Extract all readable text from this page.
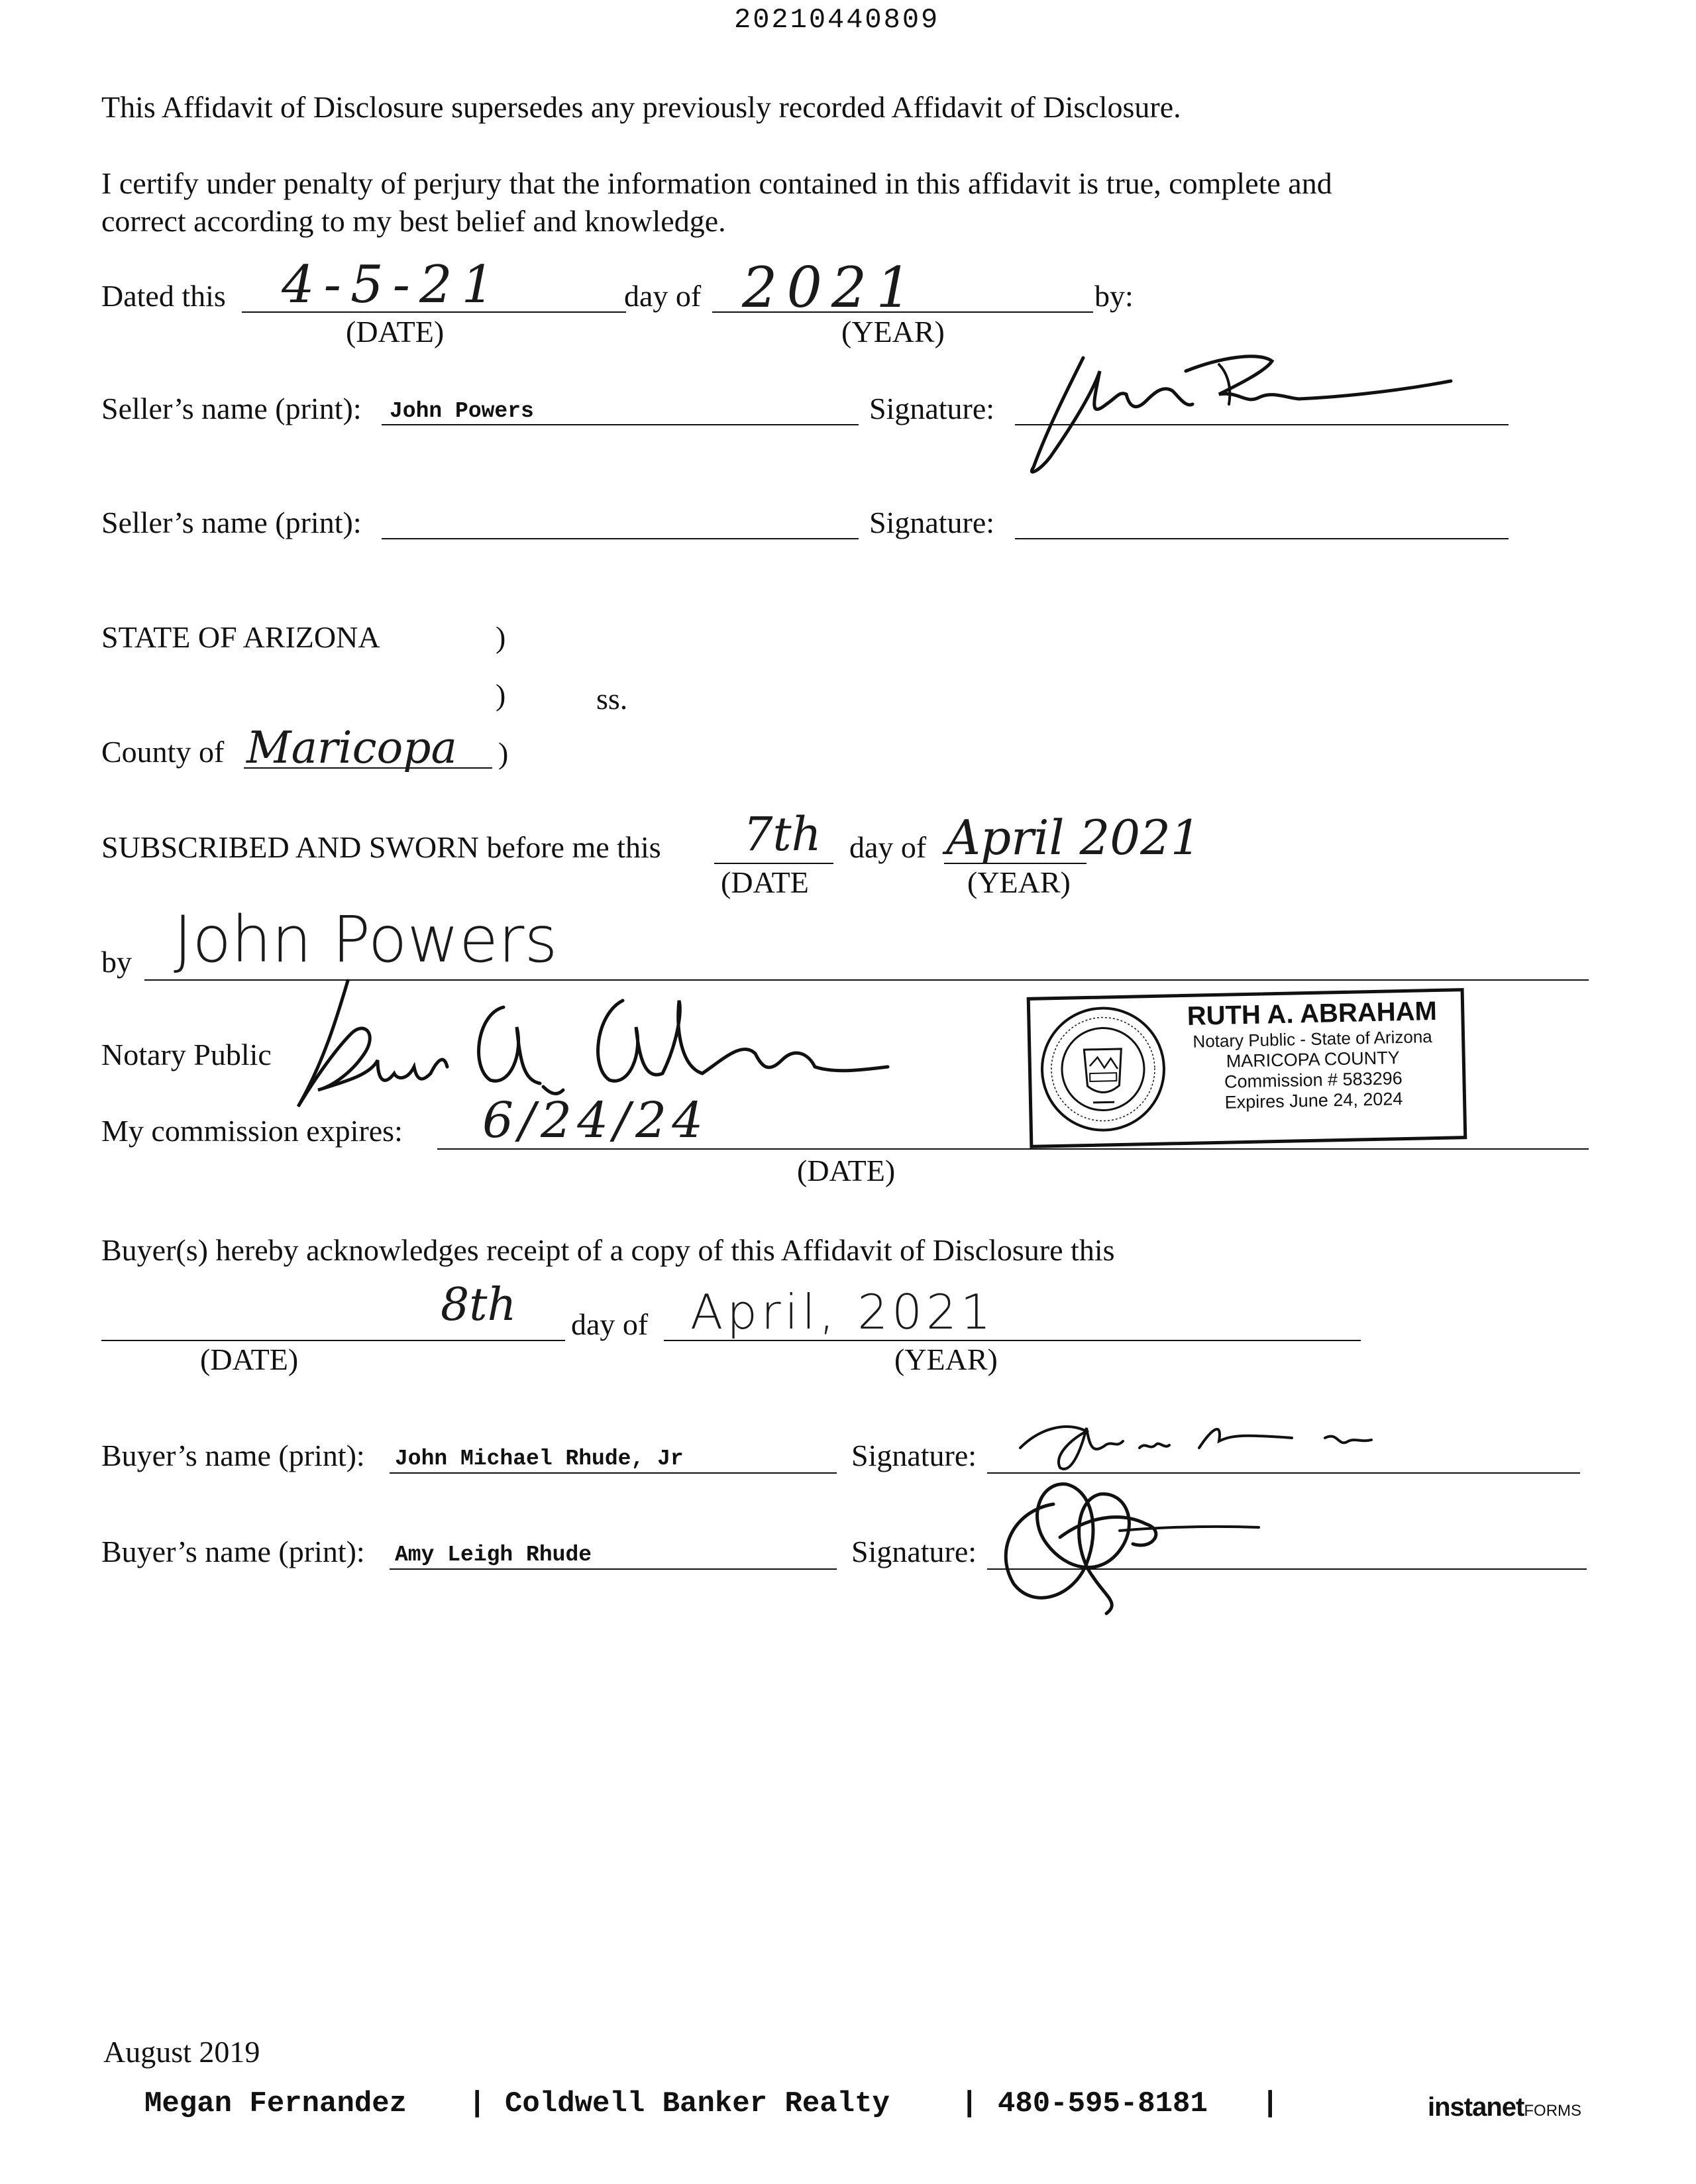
20210440809
This Affidavit of Disclosure supersedes any previously recorded Affidavit of Disclosure.
I certify under penalty of perjury that the information contained in this affidavit is true, complete and
correct according to my best belief and knowledge.
Dated this 4-5-21	day of 2021	by:
(DATE)	(YEAR)
Seller’s name (print): John Powers	Signature:
Seller’s name (print):	Signature:
STATE OF ARIZONA	)
)	ss.
County of Maricopa )
SUBSCRIBED AND SWORN before me this 7th day of April 2021
(DATE	(YEAR)
by John Powers
Notary Public
My commission expires: 6/24/24
(DATE)
RUTH A. ABRAHAM
Notary Public - State of Arizona
MARICOPA COUNTY
Commission # 583296
Expires June 24, 2024
Buyer(s) hereby acknowledges receipt of a copy of this Affidavit of Disclosure this
8th day of April, 2021
(DATE)	(YEAR)
Buyer’s name (print): John Michael Rhude, Jr	Signature:
Buyer’s name (print): Amy Leigh Rhude	Signature:
August 2019
Megan Fernandez | Coldwell Banker Realty | 480-595-8181 |	instanetFORMS
